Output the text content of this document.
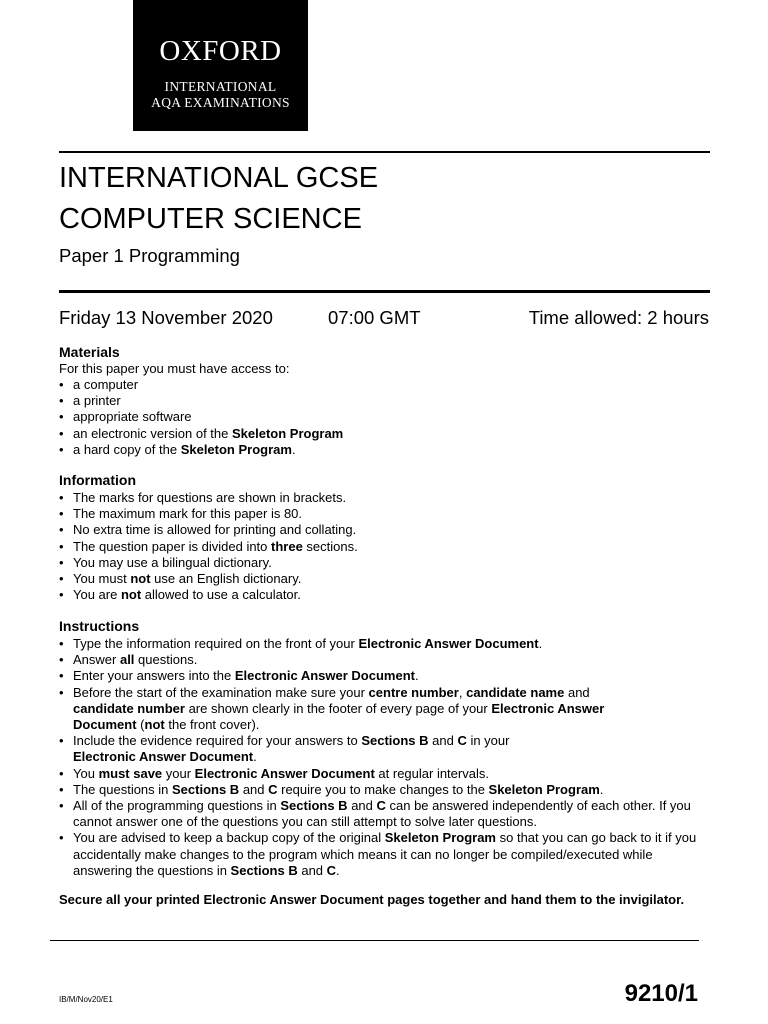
OXFORD
INTERNATIONAL
AQA EXAMINATIONS
INTERNATIONAL GCSE
COMPUTER SCIENCE
Paper 1 Programming
Friday 13 November 2020	07:00 GMT	Time allowed: 2 hours
Materials
For this paper you must have access to:
• a computer
• a printer
• appropriate software
• an electronic version of the Skeleton Program
• a hard copy of the Skeleton Program.
Information
• The marks for questions are shown in brackets.
• The maximum mark for this paper is 80.
• No extra time is allowed for printing and collating.
• The question paper is divided into three sections.
• You may use a bilingual dictionary.
• You must not use an English dictionary.
• You are not allowed to use a calculator.
Instructions
• Type the information required on the front of your Electronic Answer Document.
• Answer all questions.
• Enter your answers into the Electronic Answer Document.
• Before the start of the examination make sure your centre number, candidate name and candidate number are shown clearly in the footer of every page of your Electronic Answer Document (not the front cover).
• Include the evidence required for your answers to Sections B and C in your Electronic Answer Document.
• You must save your Electronic Answer Document at regular intervals.
• The questions in Sections B and C require you to make changes to the Skeleton Program.
• All of the programming questions in Sections B and C can be answered independently of each other. If you cannot answer one of the questions you can still attempt to solve later questions.
• You are advised to keep a backup copy of the original Skeleton Program so that you can go back to it if you accidentally make changes to the program which means it can no longer be compiled/executed while answering the questions in Sections B and C.
Secure all your printed Electronic Answer Document pages together and hand them to the invigilator.
IB/M/Nov20/E1	9210/1
